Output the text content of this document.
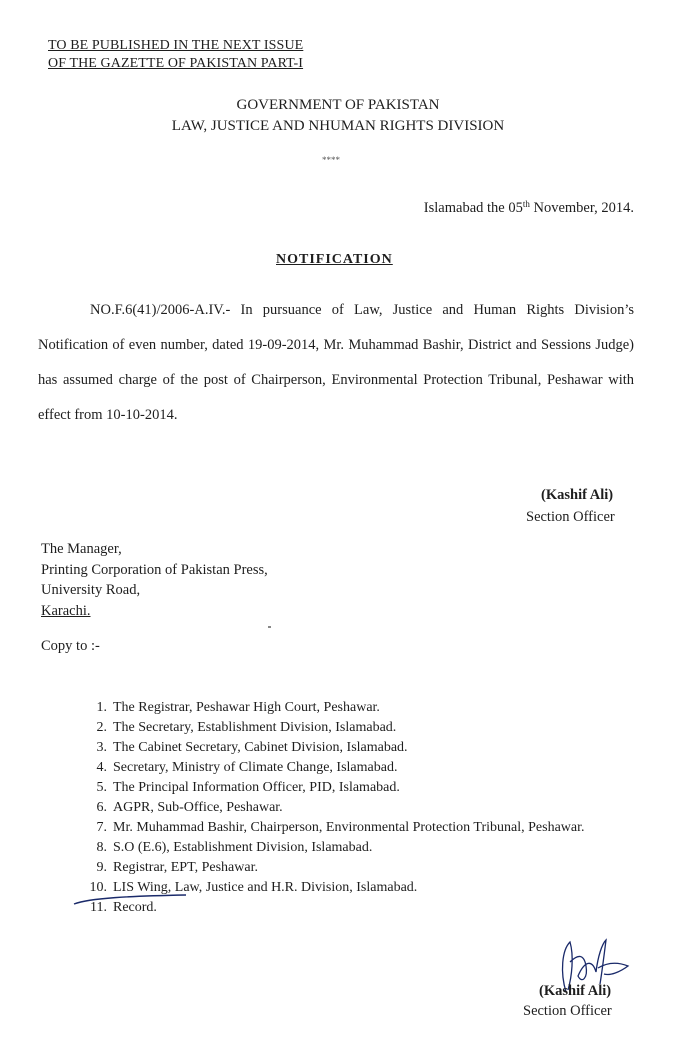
TO BE PUBLISHED IN THE NEXT ISSUE
OF THE GAZETTE OF PAKISTAN PART-I
GOVERNMENT OF PAKISTAN
LAW, JUSTICE AND NHUMAN RIGHTS DIVISION
****
Islamabad the 05th November, 2014.
NOTIFICATION
NO.F.6(41)/2006-A.IV.- In pursuance of Law, Justice and Human Rights Division’s Notification of even number, dated 19-09-2014, Mr. Muhammad Bashir, District and Sessions Judge) has assumed charge of the post of Chairperson, Environmental Protection Tribunal, Peshawar with effect from 10-10-2014.
(Kashif Ali)
Section Officer
The Manager,
Printing Corporation of Pakistan Press,
University Road,
Karachi.
Copy to :-
1. The Registrar, Peshawar High Court, Peshawar.
2. The Secretary, Establishment Division, Islamabad.
3. The Cabinet Secretary, Cabinet Division, Islamabad.
4. Secretary, Ministry of Climate Change, Islamabad.
5. The Principal Information Officer, PID, Islamabad.
6. AGPR, Sub-Office, Peshawar.
7. Mr. Muhammad Bashir, Chairperson, Environmental Protection Tribunal, Peshawar.
8. S.O (E.6), Establishment Division, Islamabad.
9. Registrar, EPT, Peshawar.
10. LIS Wing, Law, Justice and H.R. Division, Islamabad.
11. Record.
(Kashif Ali)
Section Officer
